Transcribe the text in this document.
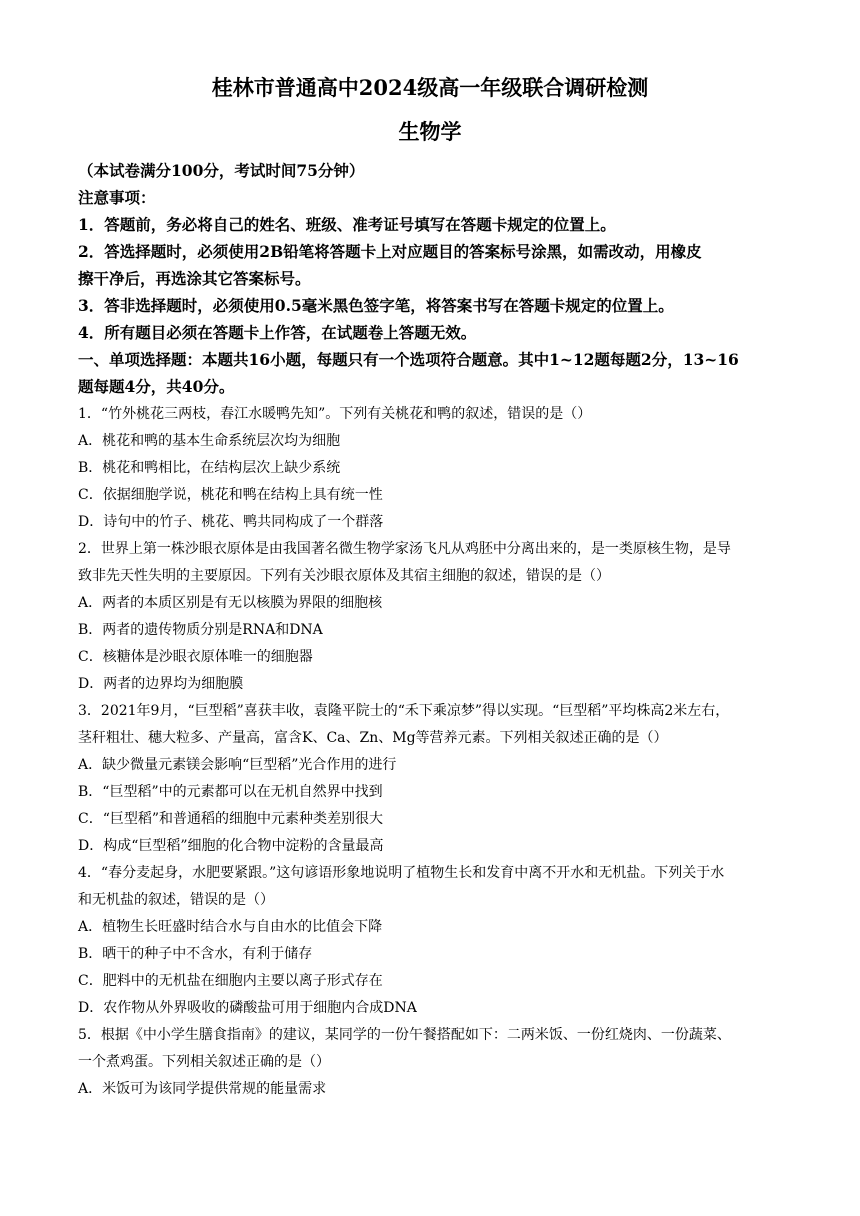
桂林市普通高中2024级高一年级联合调研检测
生物学
（本试卷满分100分，考试时间75分钟）
注意事项：
1．答题前，务必将自己的姓名、班级、准考证号填写在答题卡规定的位置上。
2．答选择题时，必须使用2B铅笔将答题卡上对应题目的答案标号涂黑，如需改动，用橡皮
擦干净后，再选涂其它答案标号。
3．答非选择题时，必须使用0.5毫米黑色签字笔，将答案书写在答题卡规定的位置上。
4．所有题目必须在答题卡上作答，在试题卷上答题无效。
一、单项选择题：本题共16小题，每题只有一个选项符合题意。其中1~12题每题2分，13~16
题每题4分，共40分。
1．“竹外桃花三两枝，春江水暖鸭先知”。下列有关桃花和鸭的叙述，错误的是（）
A．桃花和鸭的基本生命系统层次均为细胞
B．桃花和鸭相比，在结构层次上缺少系统
C．依据细胞学说，桃花和鸭在结构上具有统一性
D．诗句中的竹子、桃花、鸭共同构成了一个群落
2．世界上第一株沙眼衣原体是由我国著名微生物学家汤飞凡从鸡胚中分离出来的，是一类原核生物，是导
致非先天性失明的主要原因。下列有关沙眼衣原体及其宿主细胞的叙述，错误的是（）
A．两者的本质区别是有无以核膜为界限的细胞核
B．两者的遗传物质分别是RNA和DNA
C．核糖体是沙眼衣原体唯一的细胞器
D．两者的边界均为细胞膜
3．2021年9月，“巨型稻”喜获丰收，袁隆平院士的“禾下乘凉梦”得以实现。“巨型稻”平均株高2米左右，
茎秆粗壮、穗大粒多、产量高，富含K、Ca、Zn、Mg等营养元素。下列相关叙述正确的是（）
A．缺少微量元素镁会影响“巨型稻”光合作用的进行
B．“巨型稻”中的元素都可以在无机自然界中找到
C．“巨型稻”和普通稻的细胞中元素种类差别很大
D．构成“巨型稻”细胞的化合物中淀粉的含量最高
4．“春分麦起身，水肥要紧跟。”这句谚语形象地说明了植物生长和发育中离不开水和无机盐。下列关于水
和无机盐的叙述，错误的是（）
A．植物生长旺盛时结合水与自由水的比值会下降
B．晒干的种子中不含水，有利于储存
C．肥料中的无机盐在细胞内主要以离子形式存在
D．农作物从外界吸收的磷酸盐可用于细胞内合成DNA
5．根据《中小学生膳食指南》的建议，某同学的一份午餐搭配如下：二两米饭、一份红烧肉、一份蔬菜、
一个煮鸡蛋。下列相关叙述正确的是（）
A．米饭可为该同学提供常规的能量需求
